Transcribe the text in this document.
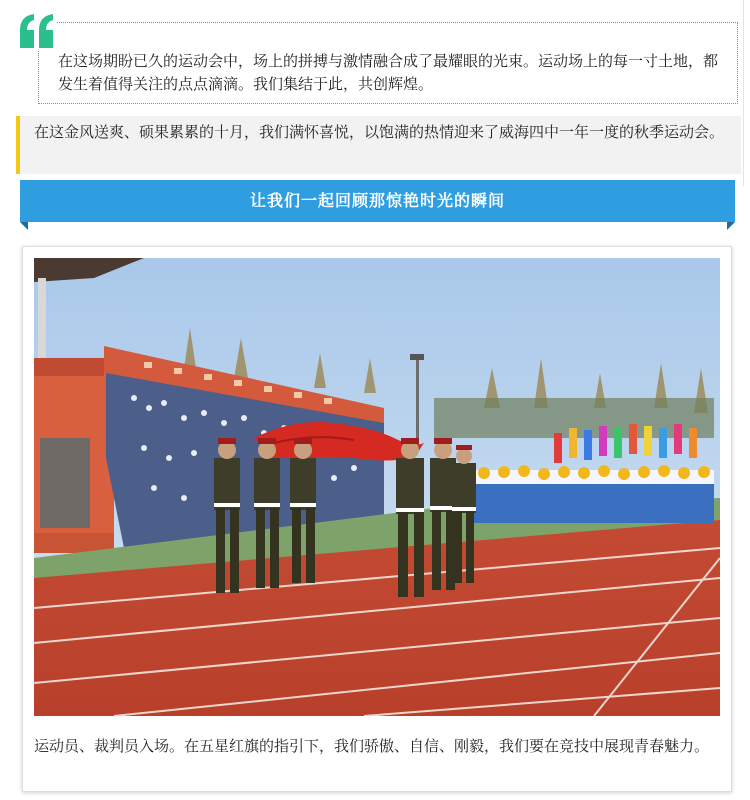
在这场期盼已久的运动会中，场上的拼搏与激情融合成了最耀眼的光束。运动场上的每一寸土地，都发生着值得关注的点点滴滴。我们集结于此，共创辉煌。

在这金风送爽、硕果累累的十月，我们满怀喜悦，以饱满的热情迎来了威海四中一年一度的秋季运动会。

让我们一起回顾那惊艳时光的瞬间

运动员、裁判员入场。在五星红旗的指引下，我们骄傲、自信、刚毅，我们要在竞技中展现青春魅力。
